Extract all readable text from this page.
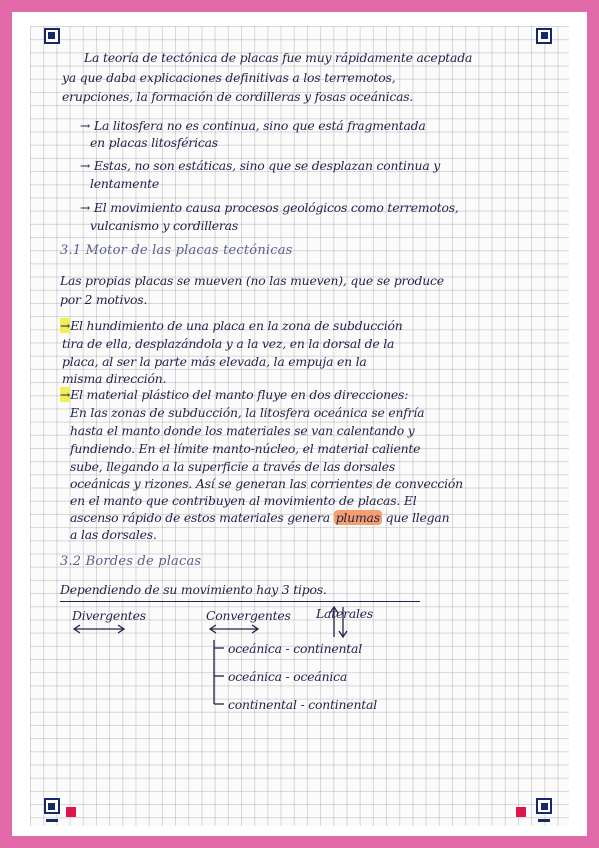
La teoría de tectónica de placas fue muy rápidamente aceptada
ya que daba explicaciones definitivas a los terremotos,
erupciones, la formación de cordilleras y fosas oceánicas.
→ La litosfera no es continua, sino que está fragmentada
en placas litosféricas
→ Estas, no son estáticas, sino que se desplazan continua y
lentamente
→ El movimiento causa procesos geológicos como terremotos,
vulcanismo y cordilleras
3.1 Motor de las placas tectónicas
Las propias placas se mueven (no las mueven), que se produce
por 2 motivos.
→El hundimiento de una placa en la zona de subducción
tira de ella, desplazándola y a la vez, en la dorsal de la
placa, al ser la parte más elevada, la empuja en la
misma dirección.
→El material plástico del manto fluye en dos direcciones:
En las zonas de subducción, la litosfera oceánica se enfría
hasta el manto donde los materiales se van calentando y
fundiendo. En el límite manto-núcleo, el material caliente
sube, llegando a la superficie a través de las dorsales
oceánicas y rizones. Así se generan las corrientes de convección
en el manto que contribuyen al movimiento de placas. El
ascenso rápido de estos materiales genera plumas que llegan
a las dorsales.
3.2 Bordes de placas
Dependiendo de su movimiento hay 3 tipos.
Divergentes	Convergentes Laterales
oceánica - continental
oceánica - oceánica
continental - continental
